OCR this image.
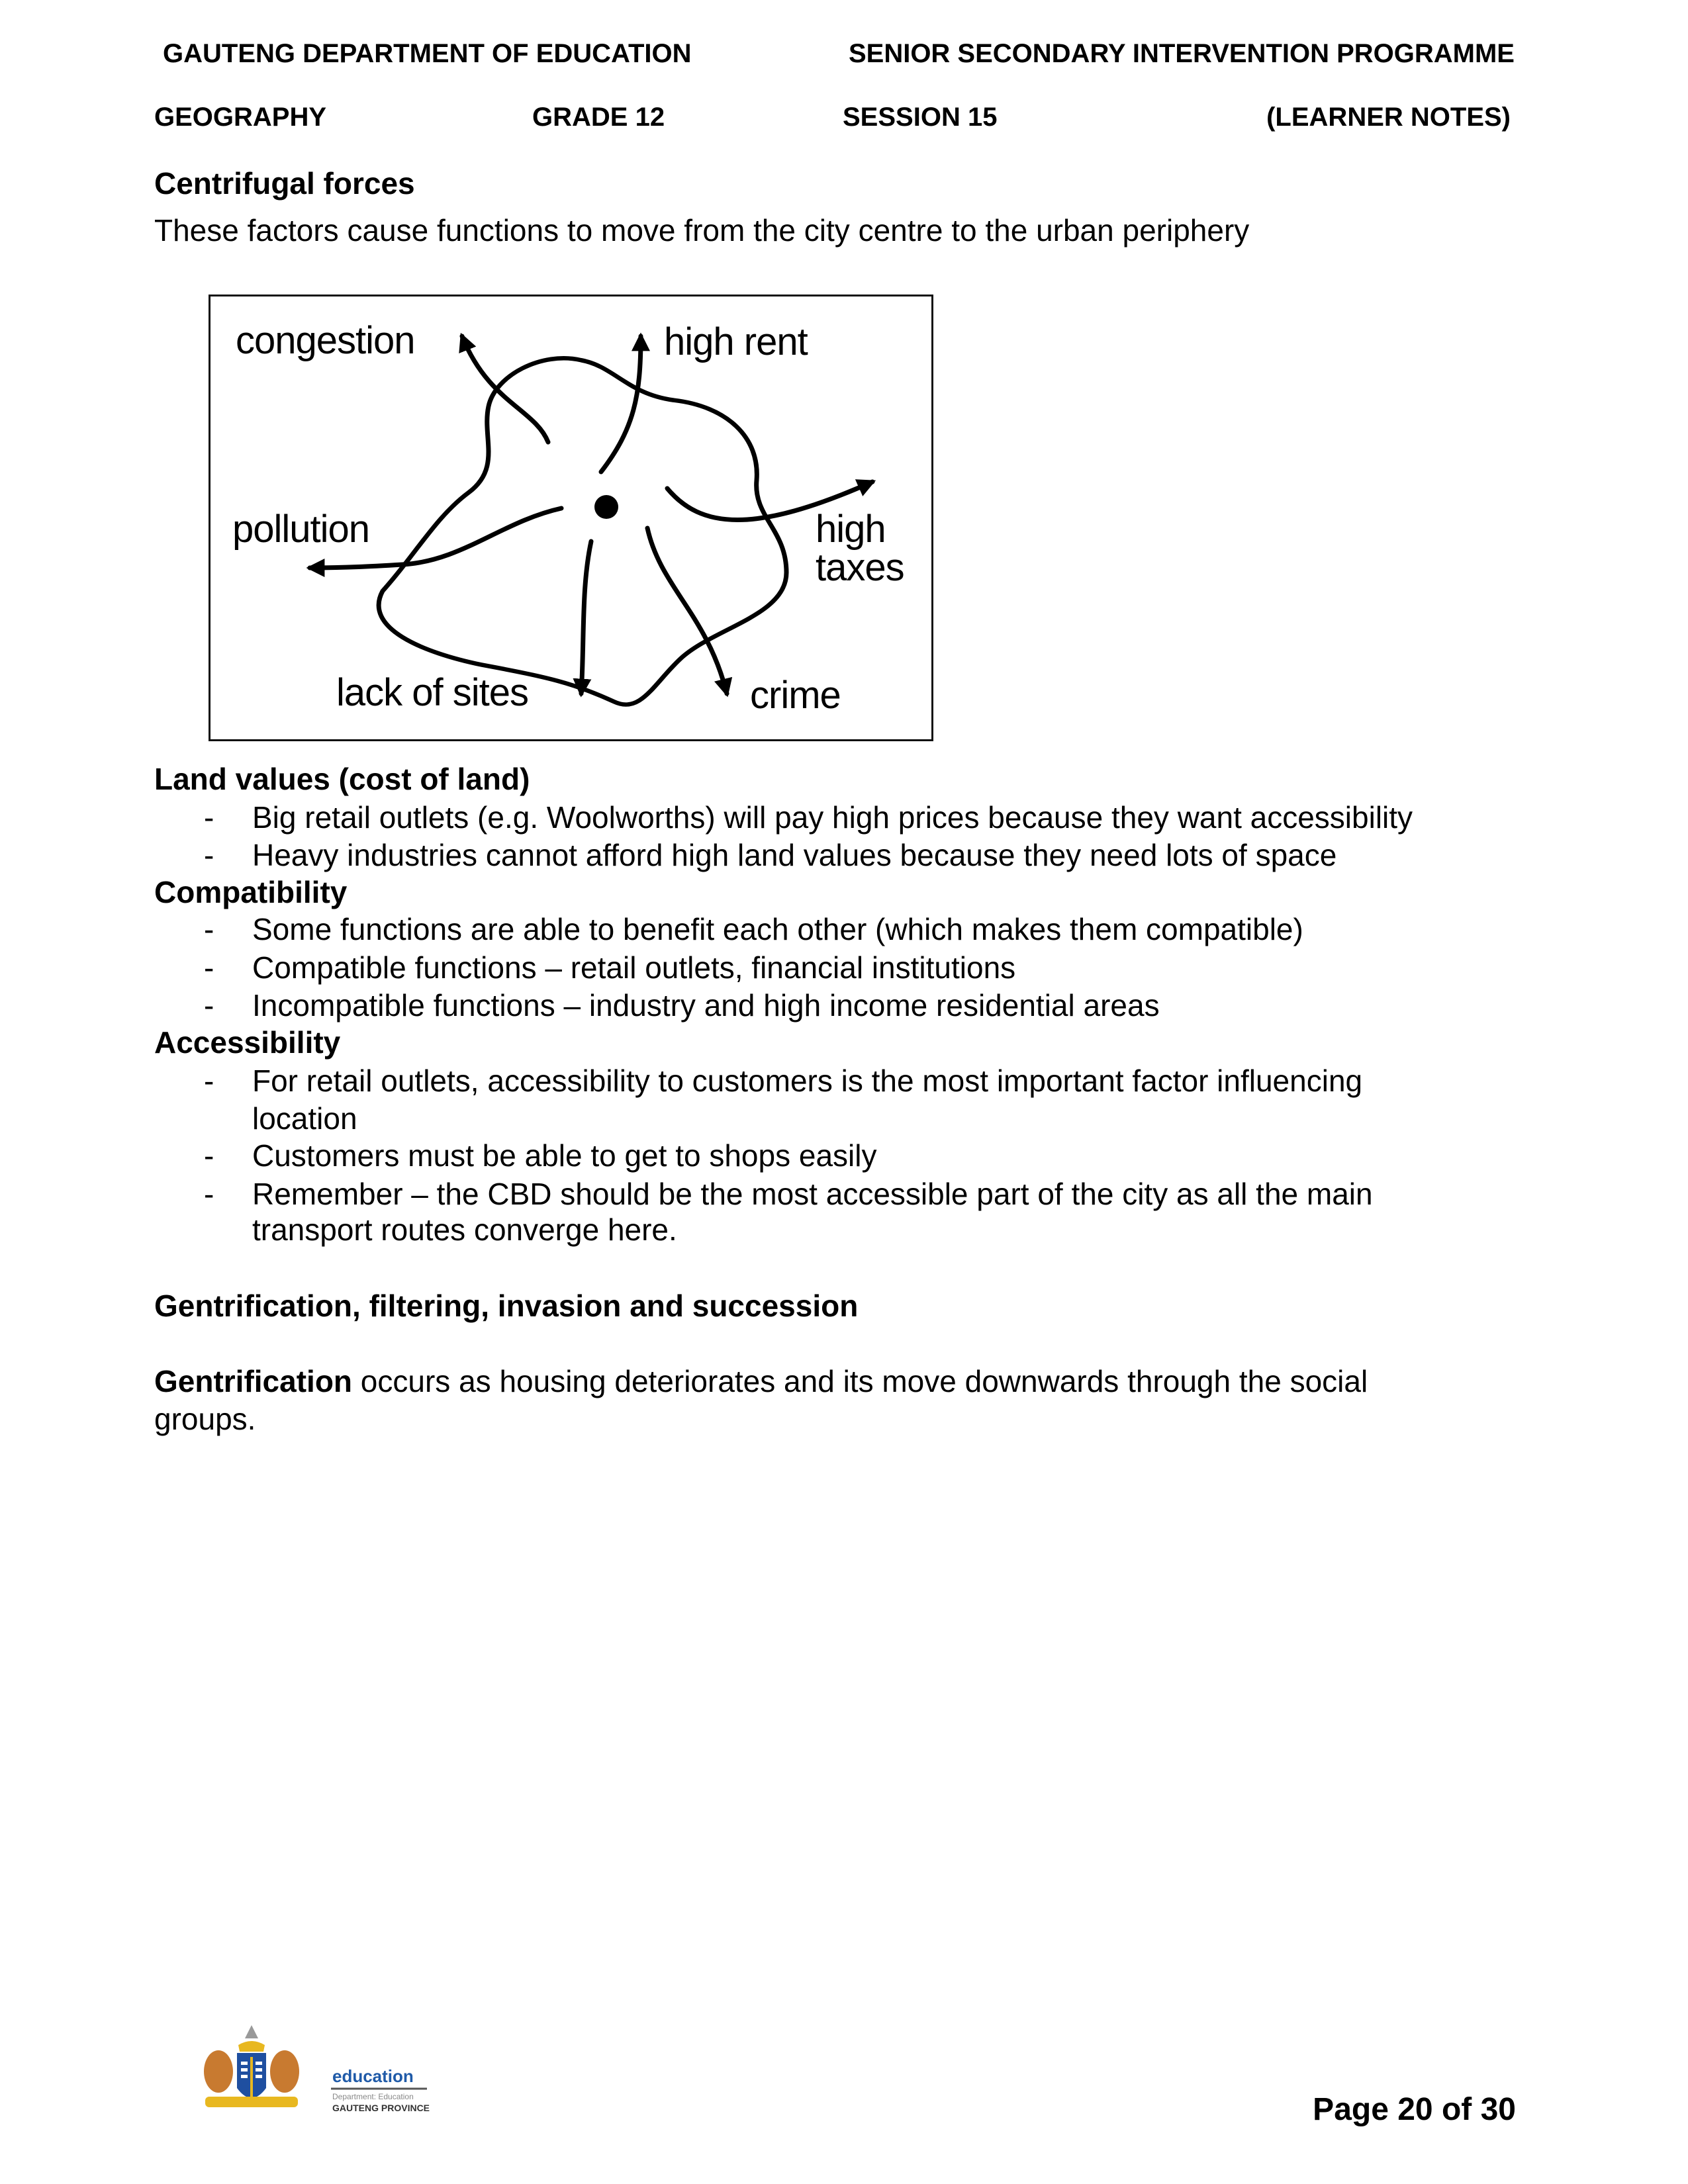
GAUTENG DEPARTMENT OF EDUCATION	SENIOR SECONDARY INTERVENTION PROGRAMME
GEOGRAPHY	GRADE 12	SESSION 15	(LEARNER NOTES)
Centrifugal forces
These factors cause functions to move from the city centre to the urban periphery
congestion	high rent
pollution	high
taxes
lack of sites	crime
Land values (cost of land)
- Big retail outlets (e.g. Woolworths) will pay high prices because they want accessibility
- Heavy industries cannot afford high land values because they need lots of space
Compatibility
- Some functions are able to benefit each other (which makes them compatible)
- Compatible functions – retail outlets, financial institutions
- Incompatible functions – industry and high income residential areas
Accessibility
- For retail outlets, accessibility to customers is the most important factor influencing
location
- Customers must be able to get to shops easily
- Remember – the CBD should be the most accessible part of the city as all the main
transport routes converge here.
Gentrification, filtering, invasion and succession
Gentrification occurs as housing deteriorates and its move downwards through the social
groups.
education
Department: Education
GAUTENG PROVINCE	Page 20 of 30
